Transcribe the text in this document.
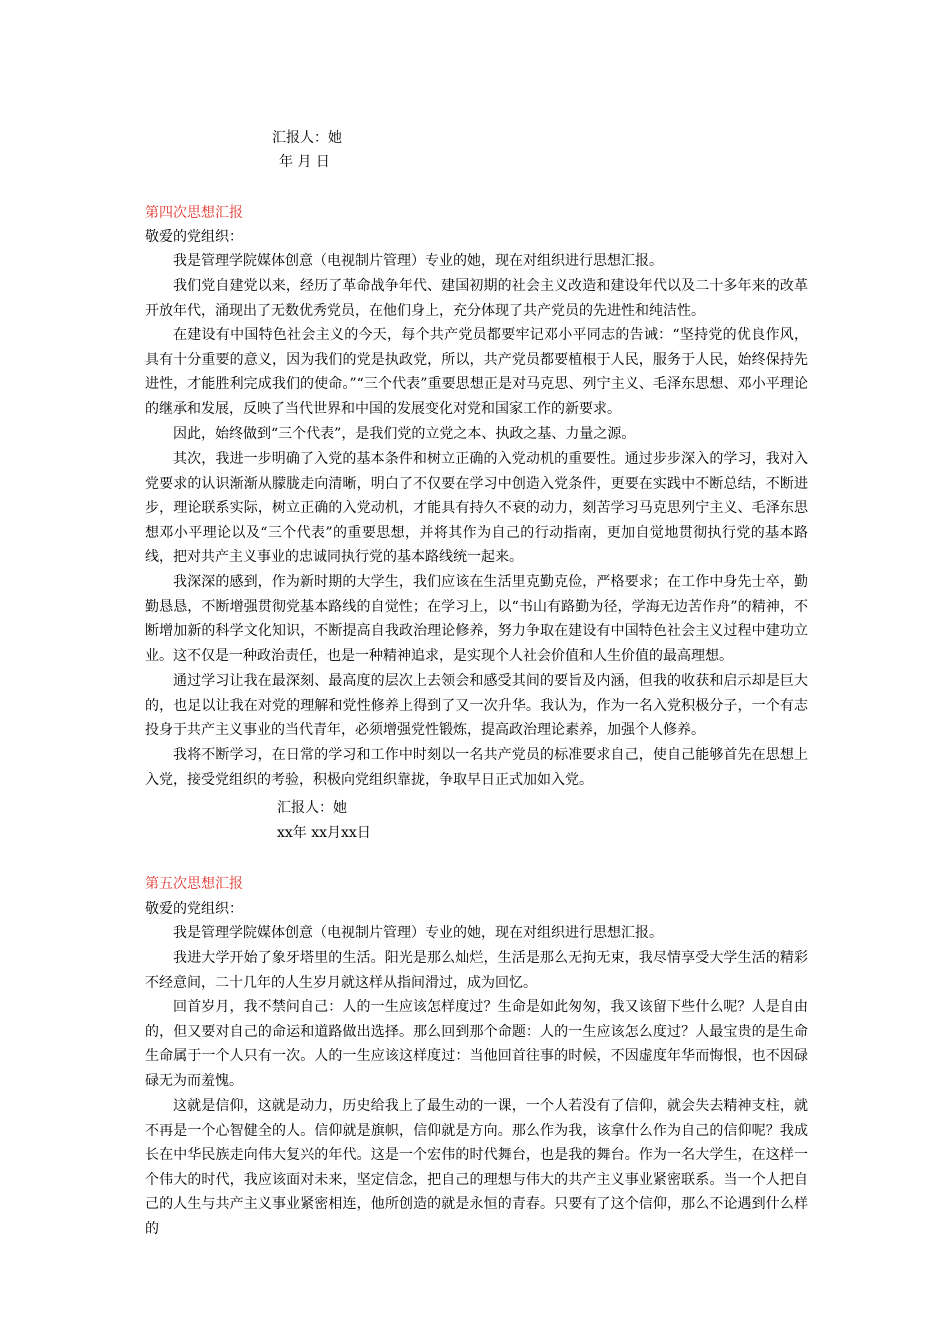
汇报人：她
年 月 日
第四次思想汇报
敬爱的党组织：

我是管理学院媒体创意（电视制片管理）专业的她，现在对组织进行思想汇报。

我们党自建党以来，经历了革命战争年代、建国初期的社会主义改造和建设年代以及二十多年来的改革开放年代，涌现出了无数优秀党员，在他们身上，充分体现了共产党员的先进性和纯洁性。

在建设有中国特色社会主义的今天，每个共产党员都要牢记邓小平同志的告诫：“坚持党的优良作风，具有十分重要的意义，因为我们的党是执政党，所以，共产党员都要植根于人民，服务于人民，始终保持先进性，才能胜利完成我们的使命。”“三个代表”重要思想正是对马克思、列宁主义、毛泽东思想、邓小平理论的继承和发展，反映了当代世界和中国的发展变化对党和国家工作的新要求。

因此，始终做到“三个代表”，是我们党的立党之本、执政之基、力量之源。

其次，我进一步明确了入党的基本条件和树立正确的入党动机的重要性。通过步步深入的学习，我对入党要求的认识渐渐从朦胧走向清晰，明白了不仅要在学习中创造入党条件，更要在实践中不断总结，不断进步，理论联系实际，树立正确的入党动机，才能具有持久不衰的动力，刻苦学习马克思列宁主义、毛泽东思想邓小平理论以及“三个代表”的重要思想，并将其作为自己的行动指南，更加自觉地贯彻执行党的基本路线，把对共产主义事业的忠诚同执行党的基本路线统一起来。

我深深的感到，作为新时期的大学生，我们应该在生活里克勤克俭，严格要求；在工作中身先士卒，勤勤恳恳，不断增强贯彻党基本路线的自觉性；在学习上，以“书山有路勤为径，学海无边苦作舟”的精神，不断增加新的科学文化知识，不断提高自我政治理论修养，努力争取在建设有中国特色社会主义过程中建功立业。这不仅是一种政治责任，也是一种精神追求，是实现个人社会价值和人生价值的最高理想。

通过学习让我在最深刻、最高度的层次上去领会和感受其间的要旨及内涵，但我的收获和启示却是巨大的，也足以让我在对党的理解和党性修养上得到了又一次升华。我认为，作为一名入党积极分子，一个有志投身于共产主义事业的当代青年，必须增强党性锻炼，提高政治理论素养，加强个人修养。

我将不断学习，在日常的学习和工作中时刻以一名共产党员的标准要求自己，使自己能够首先在思想上入党，接受党组织的考验，积极向党组织靠拢，争取早日正式加如入党。

汇报人：她
xx年 xx月xx日
第五次思想汇报
敬爱的党组织：

我是管理学院媒体创意（电视制片管理）专业的她，现在对组织进行思想汇报。

我进大学开始了象牙塔里的生活。阳光是那么灿烂，生活是那么无拘无束，我尽情享受大学生活的精彩不经意间，二十几年的人生岁月就这样从指间滑过，成为回忆。

回首岁月，我不禁问自己：人的一生应该怎样度过？生命是如此匆匆，我又该留下些什么呢？人是自由的，但又要对自己的命运和道路做出选择。那么回到那个命题：人的一生应该怎么度过？人最宝贵的是生命生命属于一个人只有一次。人的一生应该这样度过：当他回首往事的时候，不因虚度年华而悔恨，也不因碌碌无为而羞愧。

这就是信仰，这就是动力，历史给我上了最生动的一课，一个人若没有了信仰，就会失去精神支柱，就不再是一个心智健全的人。信仰就是旗帜，信仰就是方向。那么作为我，该拿什么作为自己的信仰呢？我成长在中华民族走向伟大复兴的年代。这是一个宏伟的时代舞台，也是我的舞台。作为一名大学生，在这样一个伟大的时代，我应该面对未来，坚定信念，把自己的理想与伟大的共产主义事业紧密联系。当一个人把自己的人生与共产主义事业紧密相连，他所创造的就是永恒的青春。只要有了这个信仰，那么不论遇到什么样的
